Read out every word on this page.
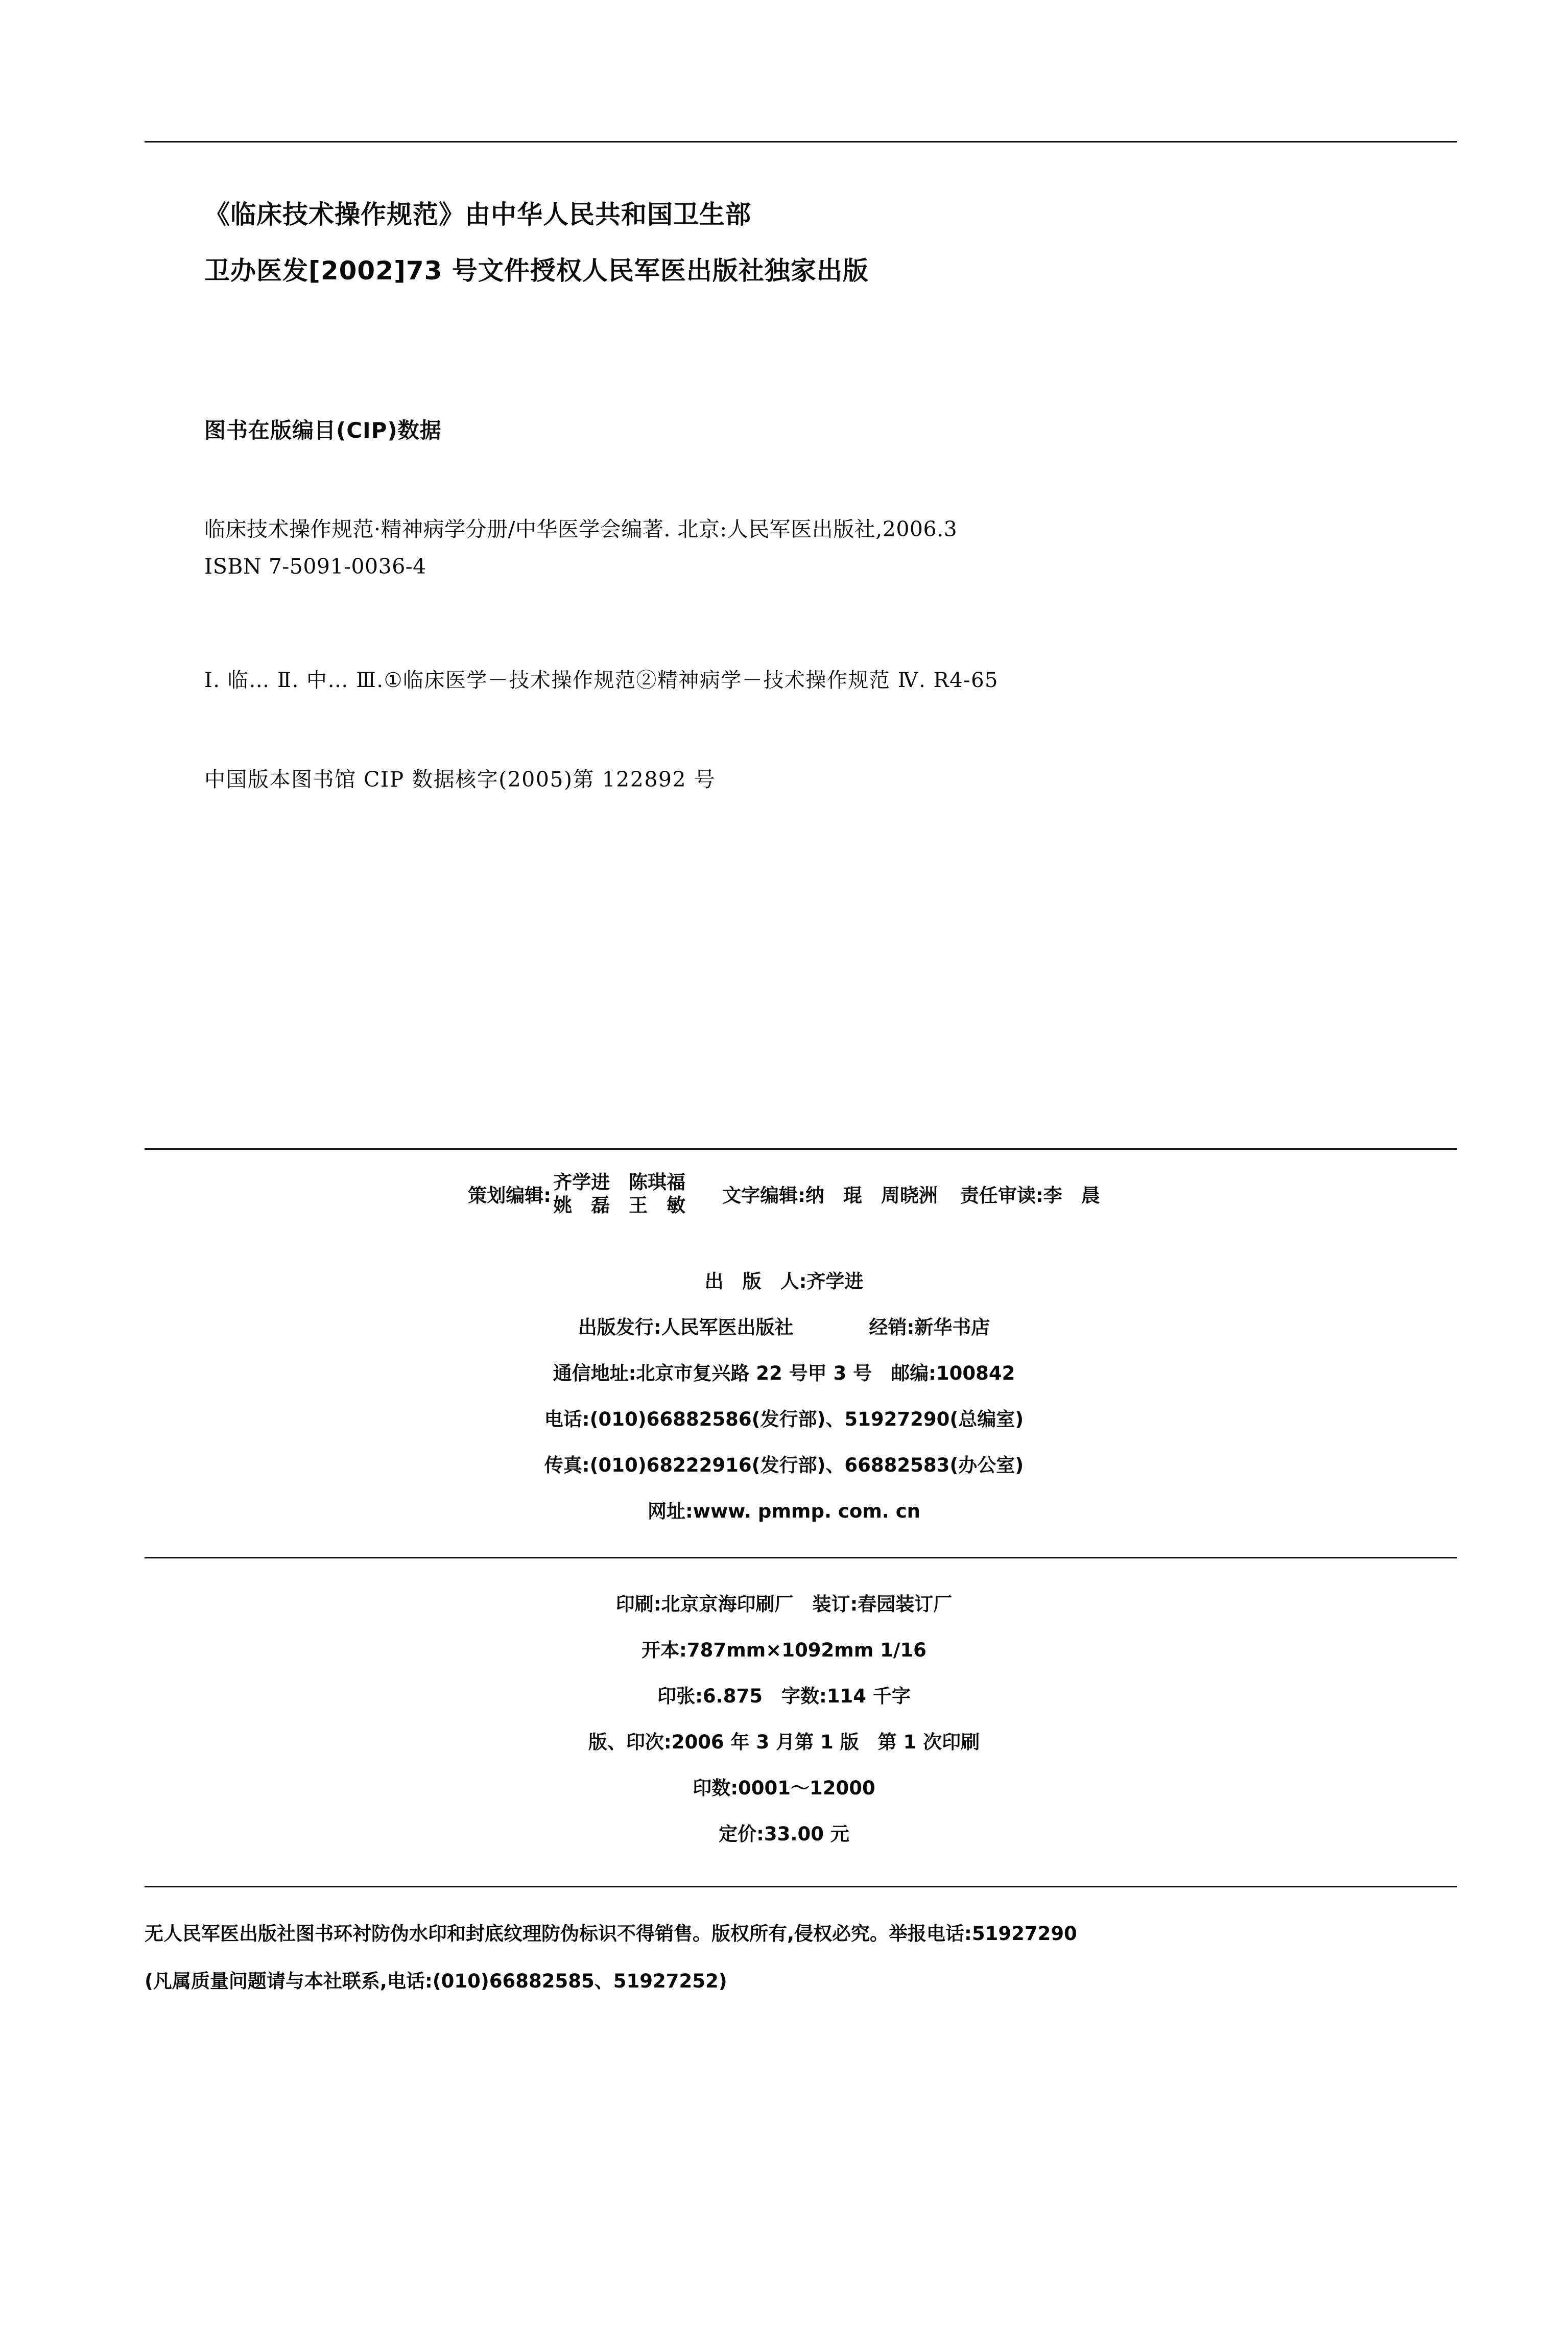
《临床技术操作规范》由中华人民共和国卫生部
卫办医发[2002]73 号文件授权人民军医出版社独家出版
图书在版编目(CIP)数据
临床技术操作规范·精神病学分册/中华医学会编著. 北京:人民军医出版社,2006.3
ISBN 7-5091-0036-4
Ⅰ. 临… Ⅱ. 中… Ⅲ.①临床医学－技术操作规范②精神病学－技术操作规范 Ⅳ. R4-65
中国版本图书馆 CIP 数据核字(2005)第 122892 号
策划编辑:
齐学进　陈琪福
姚　磊　王　敏 文字编辑:纳　琨　周晓洲 责任审读:李　晨
出　版　人:齐学进
出版发行:人民军医出版社　　　　经销:新华书店
通信地址:北京市复兴路 22 号甲 3 号　邮编:100842
电话:(010)66882586(发行部)、51927290(总编室)
传真:(010)68222916(发行部)、66882583(办公室)
网址:www. pmmp. com. cn
印刷:北京京海印刷厂　装订:春园装订厂
开本:787mm×1092mm 1/16
印张:6.875　字数:114 千字
版、印次:2006 年 3 月第 1 版　第 1 次印刷
印数:0001～12000
定价:33.00 元
无人民军医出版社图书环衬防伪水印和封底纹理防伪标识不得销售。版权所有,侵权必究。举报电话:51927290
(凡属质量问题请与本社联系,电话:(010)66882585、51927252)
